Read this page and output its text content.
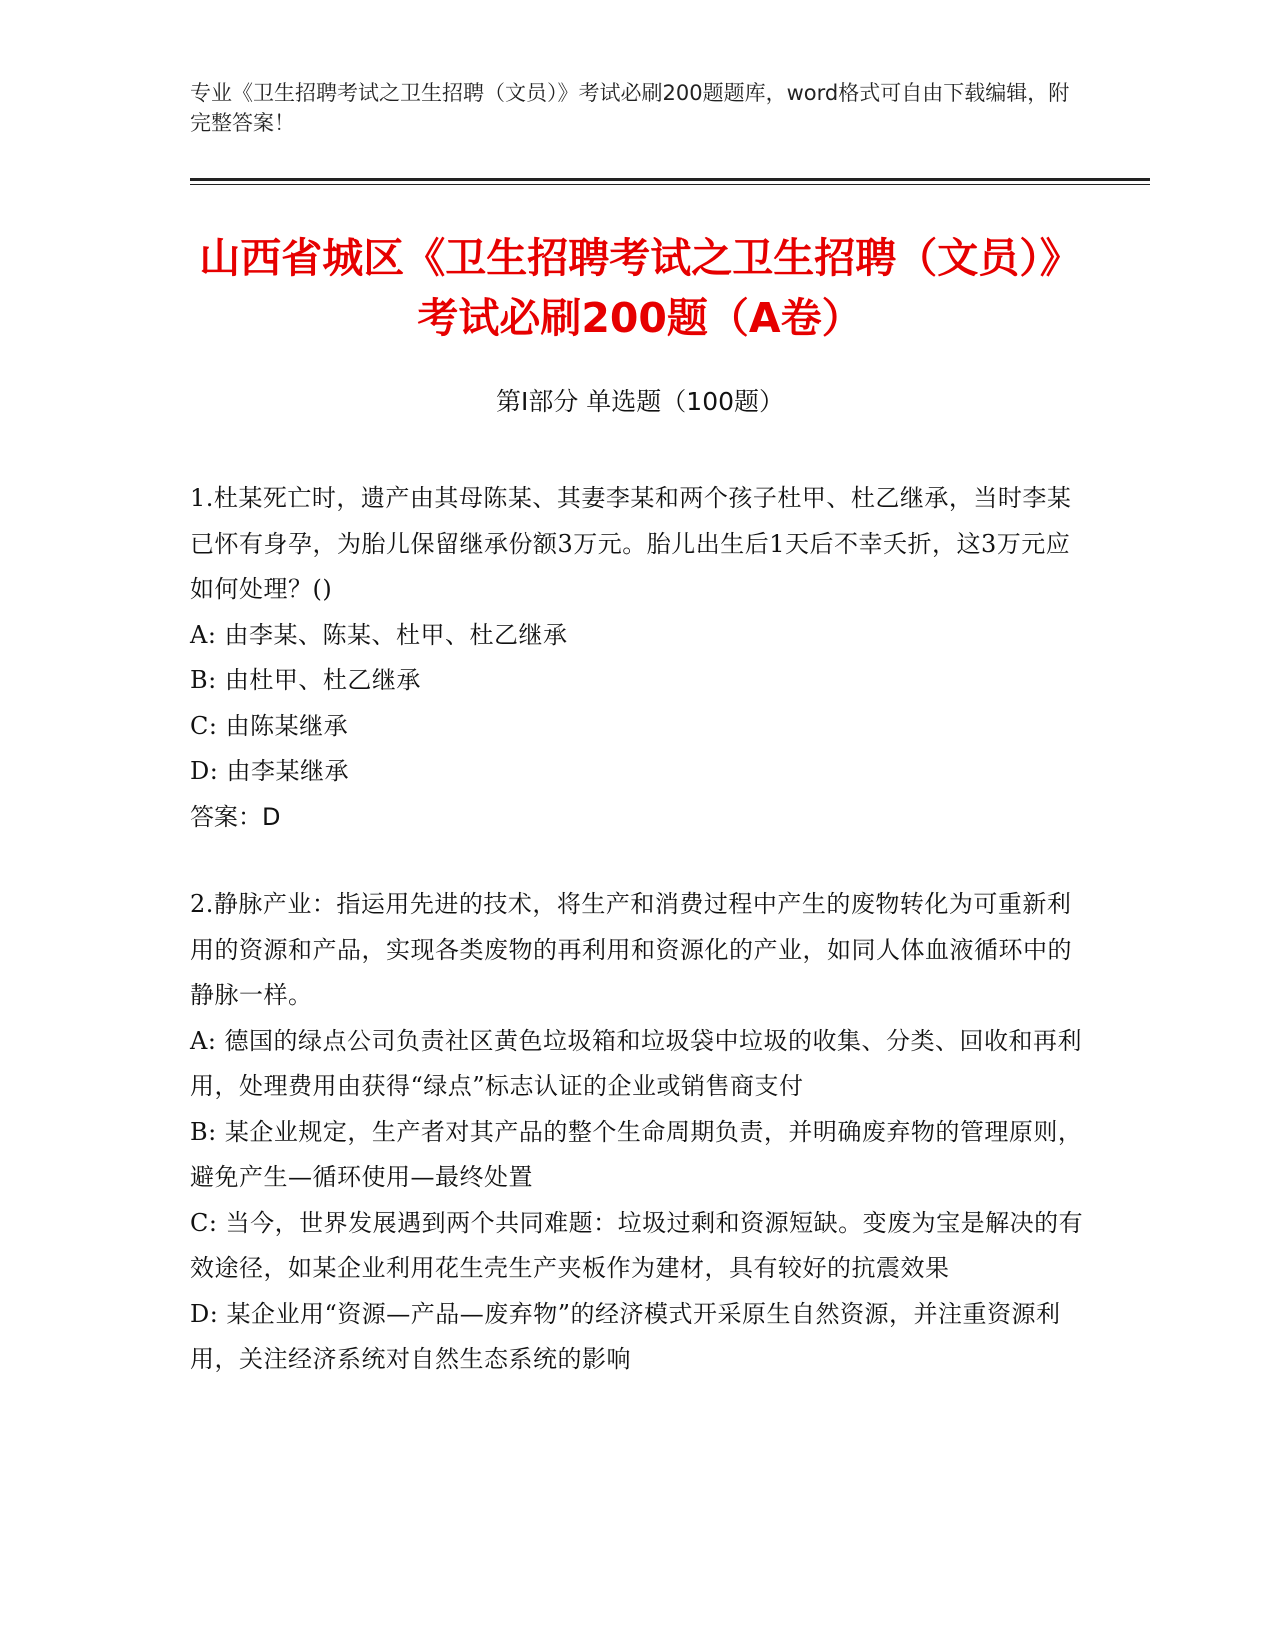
专业《卫生招聘考试之卫生招聘（文员）》考试必刷200题题库，word格式可自由下载编辑，附完整答案！

山西省城区《卫生招聘考试之卫生招聘（文员）》考试必刷200题（A卷）
第Ⅰ部分 单选题（100题）

1.杜某死亡时，遗产由其母陈某、其妻李某和两个孩子杜甲、杜乙继承，当时李某已怀有身孕，为胎儿保留继承份额3万元。胎儿出生后1天后不幸夭折，这3万元应如何处理？()

A: 由李某、陈某、杜甲、杜乙继承

B: 由杜甲、杜乙继承

C: 由陈某继承

D: 由李某继承

答案：D

2.静脉产业：指运用先进的技术，将生产和消费过程中产生的废物转化为可重新利用的资源和产品，实现各类废物的再利用和资源化的产业，如同人体血液循环中的静脉一样。

A: 德国的绿点公司负责社区黄色垃圾箱和垃圾袋中垃圾的收集、分类、回收和再利用，处理费用由获得“绿点”标志认证的企业或销售商支付

B: 某企业规定，生产者对其产品的整个生命周期负责，并明确废弃物的管理原则，避免产生—循环使用—最终处置

C: 当今，世界发展遇到两个共同难题：垃圾过剩和资源短缺。变废为宝是解决的有效途径，如某企业利用花生壳生产夹板作为建材，具有较好的抗震效果

D: 某企业用“资源—产品—废弃物”的经济模式开采原生自然资源，并注重资源利用，关注经济系统对自然生态系统的影响
